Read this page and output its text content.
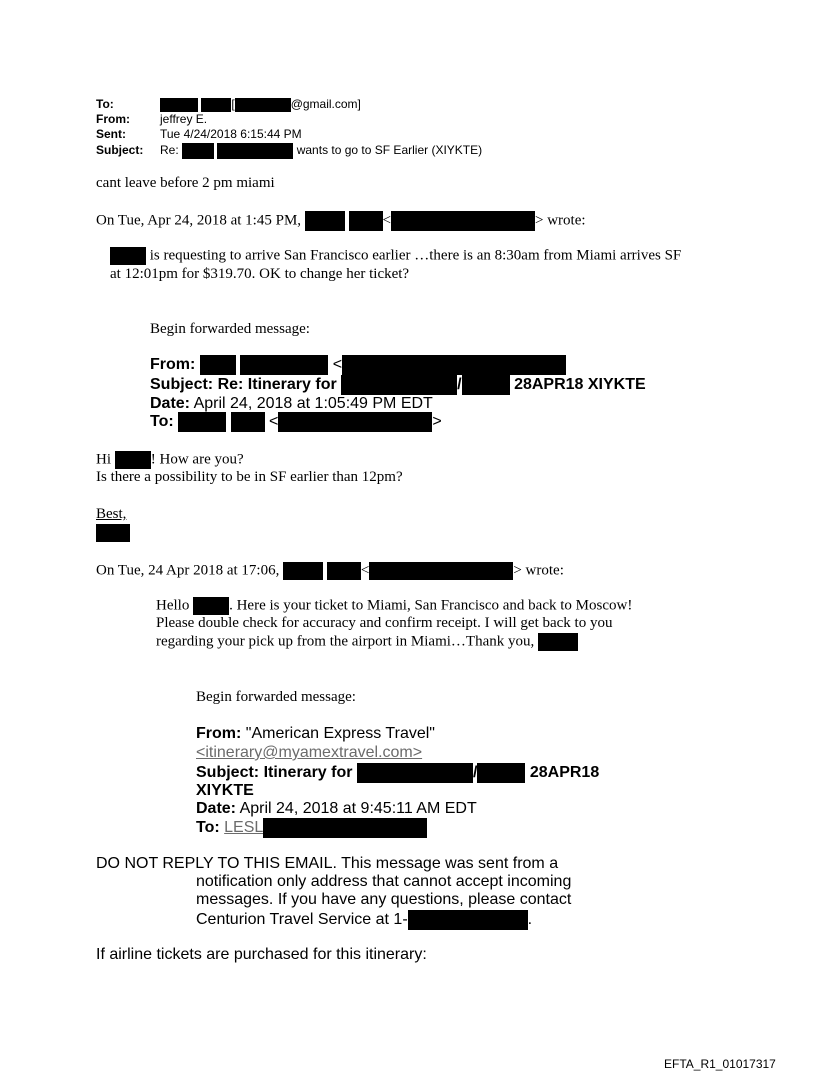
To:	[	@gmail.com]
From:	jeffrey E.
Sent:	Tue 4/24/2018 6:15:44 PM
Subject: Re:	wants to go to SF Earlier (XIYKTE)
cant leave before 2 pm miami
On Tue, Apr 24, 2018 at 1:45 PM,	<	> wrote:
is requesting to arrive San Francisco earlier …there is an 8:30am from Miami arrives SF
at 12:01pm for $319.70. OK to change her ticket?
Begin forwarded message:
From:	<
Subject: Re: Itinerary for	/	28APR18 XIYKTE
Date: April 24, 2018 at 1:05:49 PM EDT
To:	<	>
Hi	! How are you?
Is there a possibility to be in SF earlier than 12pm?
Best,
On Tue, 24 Apr 2018 at 17:06,	<	> wrote:
Hello	. Here is your ticket to Miami, San Francisco and back to Moscow!
Please double check for accuracy and confirm receipt. I will get back to you
regarding your pick up from the airport in Miami…Thank you,
Begin forwarded message:
From: "American Express Travel"
<itinerary@myamextravel.com>
Subject: Itinerary for	/	28APR18
XIYKTE
Date: April 24, 2018 at 9:45:11 AM EDT
To: LESL
DO NOT REPLY TO THIS EMAIL. This message was sent from a
notification only address that cannot accept incoming
messages. If you have any questions, please contact
Centurion Travel Service at 1-	.
If airline tickets are purchased for this itinerary:
EFTA_R1_01017317
